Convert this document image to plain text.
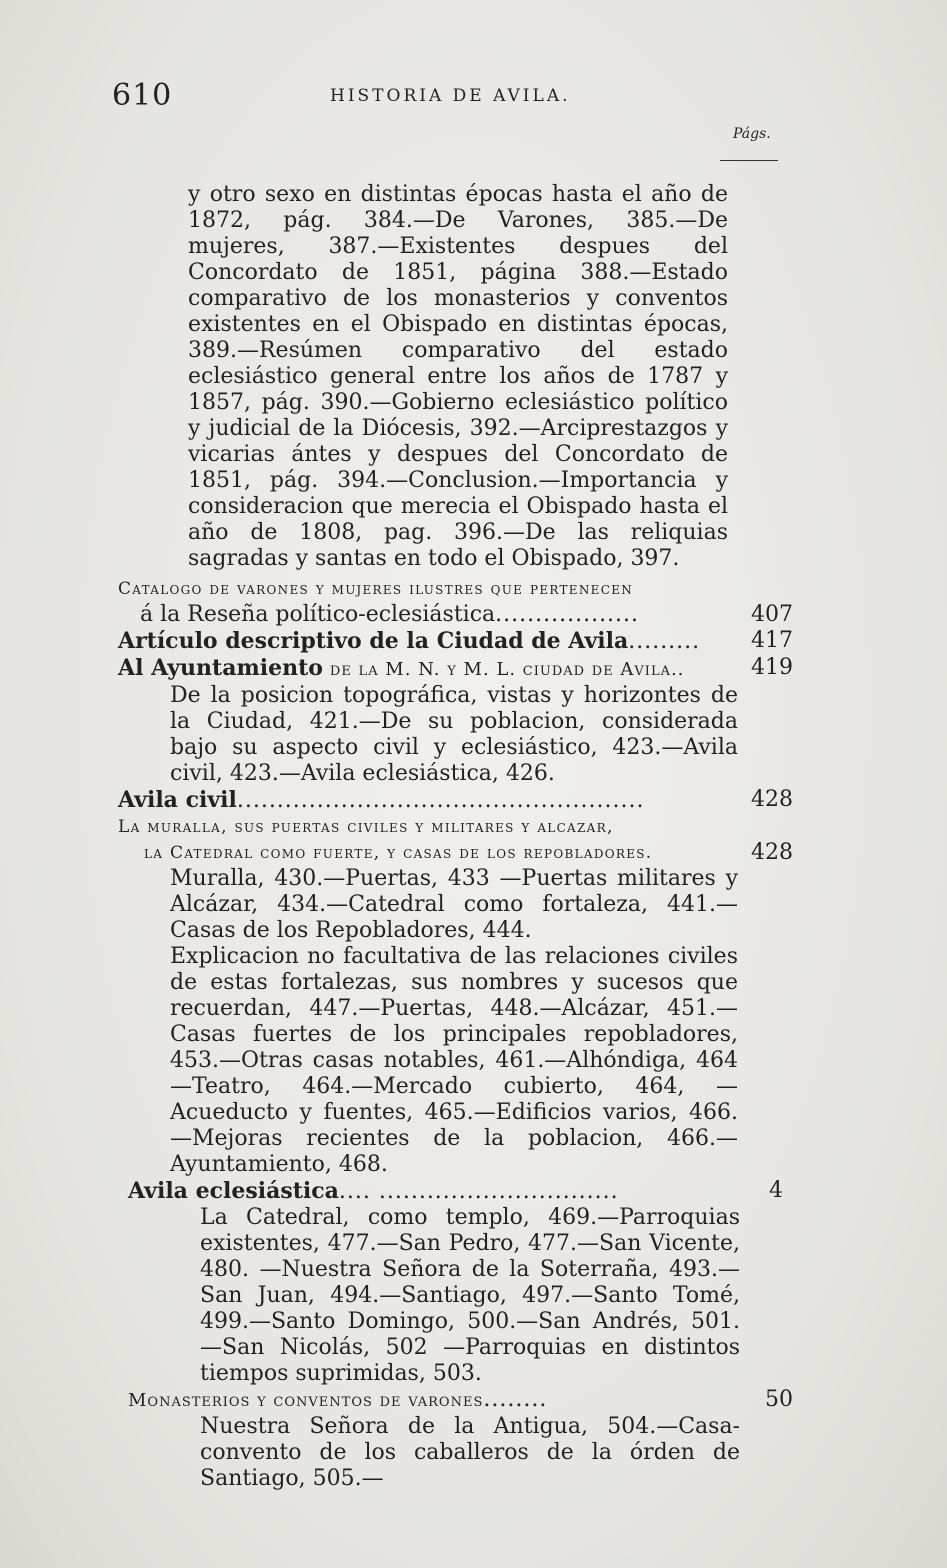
610	HISTORIA DE AVILA.
Págs.
y otro sexo en distintas épocas hasta el año de 1872, pág. 384.—De Varones, 385.—De mujeres, 387.—Existentes despues del Concordato de 1851, página 388.—Estado comparativo de los monasterios y conventos existentes en el Obispado en distintas épocas, 389.—Resúmen comparativo del estado eclesiástico general entre los años de 1787 y 1857, pág. 390.—Gobierno eclesiástico político y judicial de la Diócesis, 392.—Arciprestazgos y vicarias ántes y despues del Concordato de 1851, pág. 394.—Conclusion.—Importancia y consideracion que merecia el Obispado hasta el año de 1808, pag. 396.—De las reliquias sagradas y santas en todo el Obispado, 397.
Catalogo de varones y mujeres ilustres que pertenecen
á la Reseña político-eclesiástica..................	407
Artículo descriptivo de la Ciudad de Avila......... 417
Al Ayuntamiento de la M. N. y M. L. ciudad de Avila..	419
De la posicion topográfica, vistas y horizontes de la Ciudad, 421.—De su poblacion, considerada bajo su aspecto civil y eclesiástico, 423.—Avila civil, 423.—Avila eclesiástica, 426.
Avila civil...................................................	428
La muralla, sus puertas civiles y militares y alcazar,
la Catedral como fuerte, y casas de los repobladores.	428
Muralla, 430.—Puertas, 433 —Puertas militares y Alcázar, 434.—Catedral como fortaleza, 441.—Casas de los Repobladores, 444.
Explicacion no facultativa de las relaciones civiles de estas fortalezas, sus nombres y sucesos que recuerdan, 447.—Puertas, 448.—Alcázar, 451.—Casas fuertes de los principales repobladores, 453.—Otras casas notables, 461.—Alhóndiga, 464 —Teatro, 464.—Mercado cubierto, 464, —Acueducto y fuentes, 465.—Edificios varios, 466. —Mejoras recientes de la poblacion, 466.—Ayuntamiento, 468.
Avila eclesiástica.... ..............................	4
La Catedral, como templo, 469.—Parroquias existentes, 477.—San Pedro, 477.—San Vicente, 480. —Nuestra Señora de la Soterraña, 493.—San Juan, 494.—Santiago, 497.—Santo Tomé, 499.—Santo Domingo, 500.—San Andrés, 501.—San Nicolás, 502 —Parroquias en distintos tiempos suprimidas, 503.
Monasterios y conventos de varones........	50
Nuestra Señora de la Antigua, 504.—Casa-convento de los caballeros de la órden de Santiago, 505.—
